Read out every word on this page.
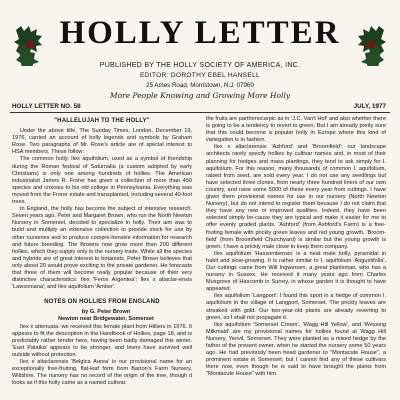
HOLLY LETTER
PUBLISHED BY THE HOLLY SOCIETY OF AMERICA, INC.
EDITOR: DOROTHY EBEL HANSELL
25 Ames Road, Morristown, N.J. 07960
More People Knowing and Growing More Holly
HOLLY LETTER NO. 58	JULY, 1977
"HALLELUJAH TO THE HOLLY"

Under the above title, The Sunday Times, London, December 19, 1976, carried an account of holly legends and symbols by Graham Rose. Two paragraphs of Mr. Rose's article are of special interest to HSA members. These follow:

The common holly, Ilex aquifolium, used as a symbol of friendship during the Roman festival of Saturnalia (a custom adopted by early Christians) is only one among hundreds of hollies. The American industrialist James R. Frorer has given a collection of more than 450 species and crosses to his old college in Pennsylvania. Everything was moved from the Frorer estate and transplanted, including several 40-foot trees.

In England, the holly has become the subject of intensive research. Seven years ago, Peter and Margaret Brown, who run the North Newton Nursery in Somerset, decided to specialize in holly. Their aim was to build and multiply an extensive collection to provide stock for use by other nurseries and to produce compre-hensive information for research and future breeding. The Browns now grow more than 200 different hollies, which they supply only to the nursery trade. While all the species and hybrids are of great interest to botanists, Peter Brown believes that only about 20 would prove exciting to the private gardener. He forecasts that three of them will become really popular because of their very distinctive characteristics: Ilex 'Ferox Argentea'; Ilex x altaclar-ensis 'Lawsoniana'; and Ilex aquifolium 'Amber'.

NOTES ON HOLLIES FROM ENGLAND

by G. Peter Brown

Newton near Bridgewater, Somerset

Ilex x attenuata: we received this female plant from Hilliers in 1976. It appears to fit the description in the Handbook of Hollies, page 18, and is predictably rather tender here, having been badly damaged this winter. 'East Palatka' appears to be stronger, and liners have survived well outside without protection.

Ilex x altaclarensis 'Belgica Aurea' is our provisional name for an exceptionally free-fruiting, flat-leaf form from Barton's Farm Nursery, Wiltshire. The nursery has no record of the origin of the tree, though it looks as if this holly came as a named cultivar.

the fruits are parthenocarpic as in 'J.C. Van't Hof' and also whether there is going to be a tendency to revert to green. But I am already pretty sure that this could become a popular holly in Europe where this kind of variegation is in fashion.

Ilex x altaclarensis 'Ashford' and 'Broomfield': our landscape architects rarely specify hollies by cultivar names and, in most of their planning for hedges and mass plantings, they tend to ask simply for I. aquifolium. For this reason, many thousands of common I. aquifolium, raised from seed, are sold every year. I do not use any seedlings but have selected three clones, from nearly three hundred liners of our own country, and raise some 5000 of these every year from cuttings. I have given them provisional names for use in our nursery (North Newton Nursery), but do not intend to register them because I do not claim that they have any new or improved qualities. Indeed, they have been selected simply be-cause they are typical and make it easier for me to offer evenly graded plants. 'Ashford' (from Ashford's Farm) is a free-fruiting female with prickly green leaves and red young growth. 'Broom-field' (from Broomfield Churchyard) is similar but the young growth is green. I have a prickly male close to keep them company.

Ilex aquifolium 'Hassombensis' is a neat male holly, pyramidal in habit and slow-growing. It is rather similar to I. aquifolium 'Angustifolia'. Our cuttings came from Will Ingwersen, a great plantsman, who has a nursery in Sussex. He received it many years ago from Charles Musgrove of Hascomb in Surrey, in whose garden it is thought to have appeared.

Ilex aquifolium 'Langport': I found this sport in a hedge of common I. aquifolium in the village of Langport, Somerset. The prickly leaves are streaked with gold. Our two-year-old plants are already reverting to green, so I shall not propagate it.

Ilex aquifolium 'Somerset Cream', 'Wagg Hill Yellow', and 'Wessing Milkmaid' are my provisional names for hollies found at Wagg Hill Nursery, Yeovil, Somerset. They were planted as a mixed hedge by the father of the present owner, when he started the nursery some 50 years ago. He had previously been head gardener to "Montacute House", a prominent estate in Somerset; but I cannot find any of these cultivars there now, even though he is said to have brought the plants from "Montacute House" with him.
